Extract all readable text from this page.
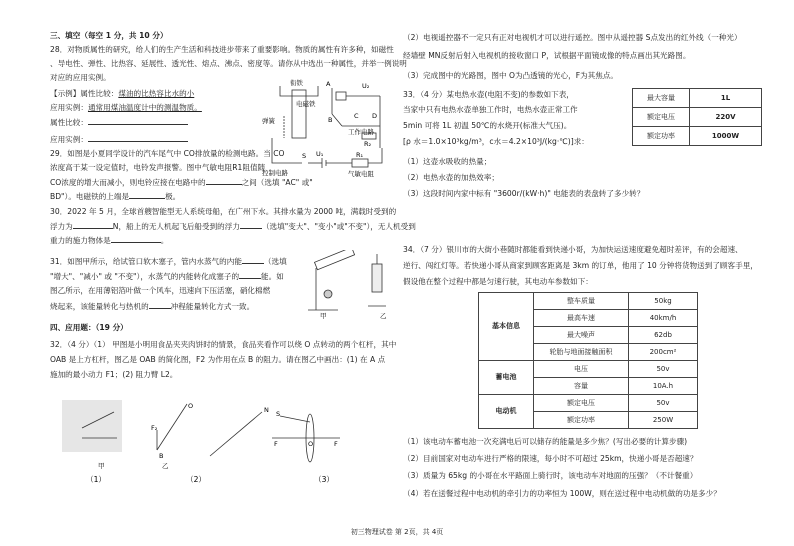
三、填空（每空 1 分，共 10 分）
28．对物质属性的研究，给人们的生产生活和科技进步带来了重要影响。物质的属性有许多种，如磁性
、导电性、弹性、比热容、延展性、透光性、熔点、沸点、密度等。请你从中选出一种属性，并举一例说明
对应的应用实例。
【示例】属性比较：煤油的比热容比水的小
应用实例：通常用煤油温度计中的测温物质。
属性比较：
应用实例：
29．如图是小夏同学设计的汽车尾气中 CO排放量的检测电路。当 CO
浓度高于某一设定值时，电铃发声报警。图中气敏电阻R1阻值随
CO浓度的增大而减小，则电铃应接在电路中的	之间（选填 "AC" 或"
BD"）。电磁铁的上端是	极。
30．2022 年 5 月，全球首艘智能型无人系统母船，在广州下水。其排水量为 2000 吨，满载时受到的
浮力为	N，船上的无人机起飞后船受到的浮力	（选填"变大"、"变小"或"不变"），无人机受到
重力的施力物体是	。
31．如图甲所示，给试管口软木塞子，管内水蒸气的内能	（选填
"增大"、"减小" 或 "不变"），水蒸气的内能转化成塞子的	能。如
图乙所示，在用薄铝箔叶做一个风车，迅速向下压活塞，硝化棉燃
烧起来，该能量转化与热机的	冲程能量转化方式一致。
四、应用题：（19 分）
32．（4 分）（1） 甲图是小明用食品夹夹肉饼时的情景，食品夹看作可以绕 O 点转动的两个杠杆，其中
OAB 是上方杠杆，图乙是 OAB 的简化图，F2 为作用在点 B 的阻力。请在图乙中画出：(1) 在 A 点
施加的最小动力 F1；(2) 阻力臂 L2。
衔铁
电磁铁
弹簧
控制电路
工作电路
气敏电阻
A
B	C D
U₂
R₂
U₁
S	R₁
甲	乙
O
F₂
B
乙
甲
N S
F	F
O
（1）	（2）	（3）
（2）电视遥控器不一定只有正对电视机才可以进行遥控。图中从遥控器 S点发出的红外线（一种光）
经墙壁 MN反射后射入电视机的接收窗口 P，试根据平面镜成像的特点画出其光路图。
（3）完成图中的光路图，图中 O为凸透镜的光心，F为其焦点。
33．（4 分）某电热水壶(电阻不变)的参数如下表，
当家中只有电热水壶单独工作时，电热水壶正常工作
5min 可将 1L 初温 50℃的水烧开(标准大气压)。
[ρ 水＝1.0×10³kg/m³，c水＝4.2×10³J/(kg·℃)]求：
（1）这壶水吸收的热量；
（2）电热水壶的加热效率；
（3）这段时间内家中标有 "3600r/(kW·h)" 电能表的表盘转了多少转？
34．（7 分）银川市的大街小巷随时都能看到快递小哥，为加快运送速度避免超时差评，有的会超速、
逆行、闯红灯等。若快递小哥从商家到顾客距离是 3km 的订单，他用了 10 分钟将货物送到了顾客手里，
假设他在整个过程中都是匀速行驶，其电动车参数如下：
（1）该电动车蓄电池一次充满电后可以储存的能量是多少焦？(写出必要的计算步骤)
（2）目前国家对电动车进行严格的限速，每小时不可超过 25km，快递小哥是否超速？
（3）质量为 65kg 的小哥在水平路面上骑行时，该电动车对地面的压强？（不计餐重）
（4）若在送餐过程中电动机的牵引力的功率恒为 100W，则在送过程中电动机做的功是多少？
最大容量	1L
额定电压	220V
额定功率	1000W
基本信息	整车质量	50kg
	最高车速	40km/h
	最大噪声	62db
	轮胎与地面接触面积	200cm²
蓄电池	电压	50v
	容量	10A.h
电动机	额定电压	50v
	额定功率	250W
初三物理试卷 第 2页，共 4页
